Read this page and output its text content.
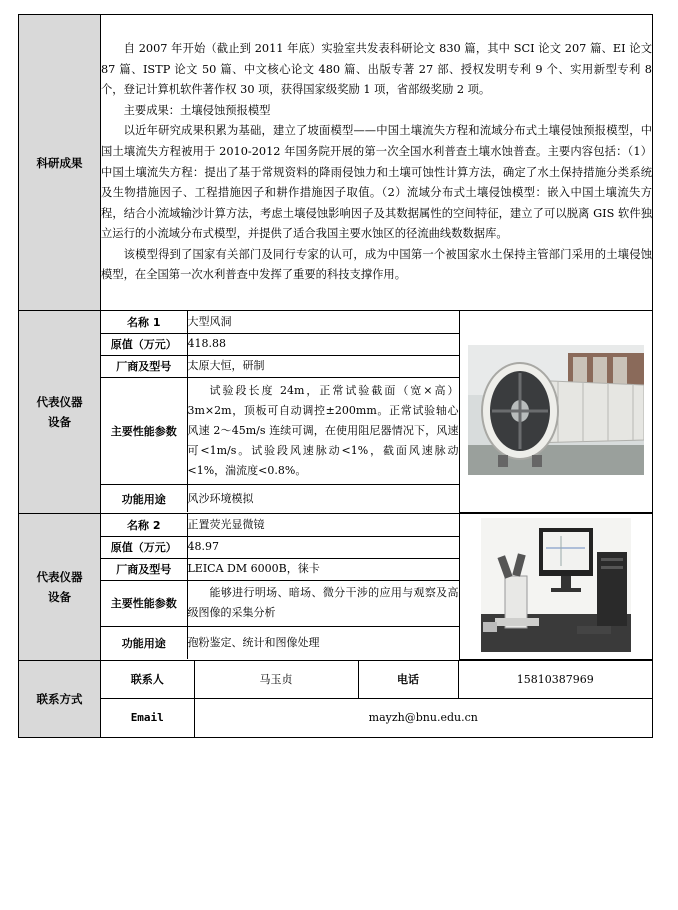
科研成果	

自 2007 年开始（截止到 2011 年底）实验室共发表科研论文 830 篇，其中 SCI 论文 207 篇、EI 论文 87 篇、ISTP 论文 50 篇、中文核心论文 480 篇、出版专著 27 部、授权发明专利 9 个、实用新型专利 8 个，登记计算机软件著作权 30 项，获得国家级奖励 1 项，省部级奖励 2 项。

主要成果：土壤侵蚀预报模型

以近年研究成果积累为基础，建立了坡面模型——中国土壤流失方程和流域分布式土壤侵蚀预报模型，中国土壤流失方程被用于 2010-2012 年国务院开展的第一次全国水利普查土壤水蚀普查。主要内容包括：（1）中国土壤流失方程：提出了基于常规资料的降雨侵蚀力和土壤可蚀性计算方法，确定了水土保持措施分类系统及生物措施因子、工程措施因子和耕作措施因子取值。（2）流域分布式土壤侵蚀模型：嵌入中国土壤流失方程，结合小流域输沙计算方法，考虑土壤侵蚀影响因子及其数据属性的空间特征，建立了可以脱离 GIS 软件独立运行的小流域分布式模型，并提供了适合我国主要水蚀区的径流曲线数数据库。

该模型得到了国家有关部门及同行专家的认可，成为中国第一个被国家水土保持主管部门采用的土壤侵蚀模型，在全国第一次水利普查中发挥了重要的科技支撑作用。

代表仪器
设备

名称 1	大型风洞	
原值（万元）	418.88
厂商及型号	太原大恒，研制
主要性能参数	试验段长度 24m，正常试验截面（宽×高）3m×2m，顶板可自动调控±200mm。正常试验轴心风速 2～45m/s 连续可调，在使用阻尼器情况下，风速可<1m/s。试验段风速脉动<1%，截面风速脉动<1%，湍流度<0.8%。
功能用途	风沙环境模拟

代表仪器
设备

名称 2	正置荧光显微镜	
原值（万元）	48.97
厂商及型号	LEICA DM 6000B，徕卡
主要性能参数	能够进行明场、暗场、微分干涉的应用与观察及高级图像的采集分析
功能用途	孢粉鉴定、统计和图像处理

联系方式	
联系人	马玉贞	电话	15810387969
Email	mayzh@bnu.edu.cn
